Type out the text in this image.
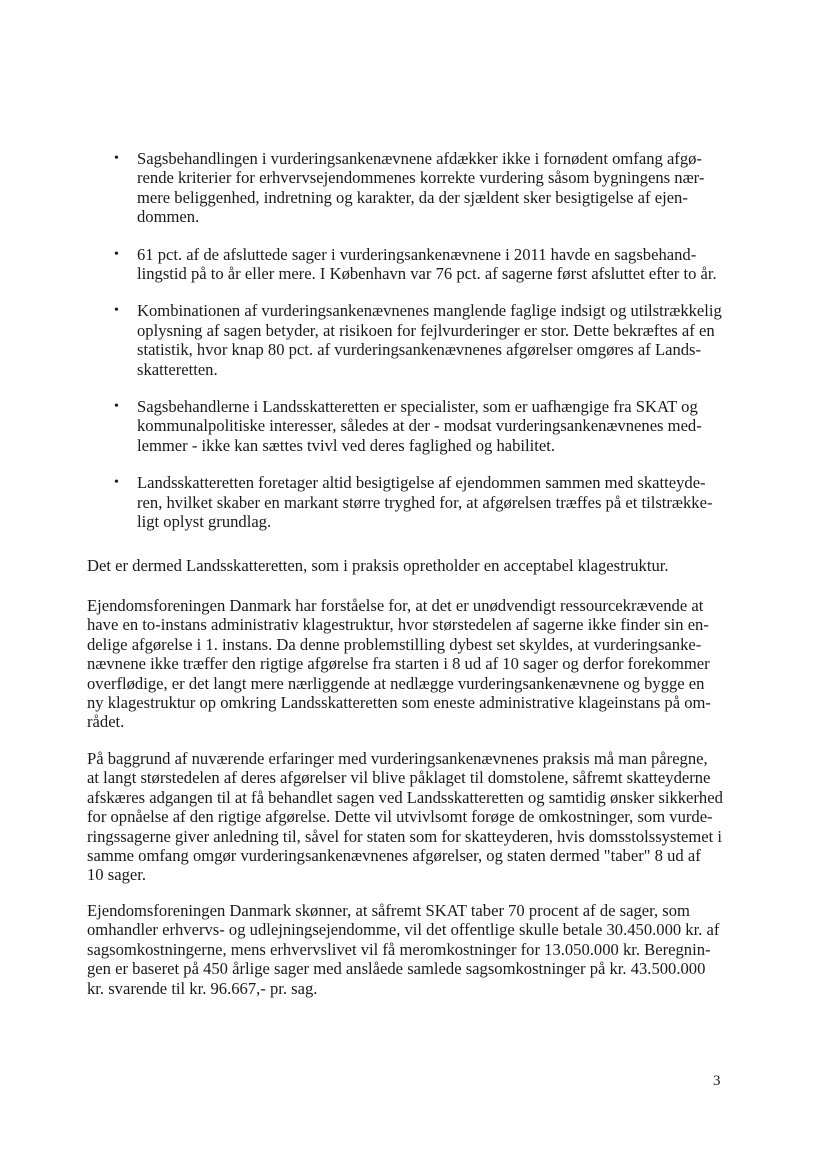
• Sagsbehandlingen i vurderingsankenævnene afdækker ikke i fornødent omfang afgø-
rende kriterier for erhvervsejendommenes korrekte vurdering såsom bygningens nær-
mere beliggenhed, indretning og karakter, da der sjældent sker besigtigelse af ejen-
dommen.
• 61 pct. af de afsluttede sager i vurderingsankenævnene i 2011 havde en sagsbehand-
lingstid på to år eller mere. I København var 76 pct. af sagerne først afsluttet efter to år.
• Kombinationen af vurderingsankenævnenes manglende faglige indsigt og utilstrækkelig
oplysning af sagen betyder, at risikoen for fejlvurderinger er stor. Dette bekræftes af en
statistik, hvor knap 80 pct. af vurderingsankenævnenes afgørelser omgøres af Lands-
skatteretten.
• Sagsbehandlerne i Landsskatteretten er specialister, som er uafhængige fra SKAT og
kommunalpolitiske interesser, således at der - modsat vurderingsankenævnenes med-
lemmer - ikke kan sættes tvivl ved deres faglighed og habilitet.
• Landsskatteretten foretager altid besigtigelse af ejendommen sammen med skatteyde-
ren, hvilket skaber en markant større tryghed for, at afgørelsen træffes på et tilstrække-
ligt oplyst grundlag.
Det er dermed Landsskatteretten, som i praksis opretholder en acceptabel klagestruktur.
Ejendomsforeningen Danmark har forståelse for, at det er unødvendigt ressourcekrævende at
have en to-instans administrativ klagestruktur, hvor størstedelen af sagerne ikke finder sin en-
delige afgørelse i 1. instans. Da denne problemstilling dybest set skyldes, at vurderingsanke-
nævnene ikke træffer den rigtige afgørelse fra starten i 8 ud af 10 sager og derfor forekommer
overflødige, er det langt mere nærliggende at nedlægge vurderingsankenævnene og bygge en
ny klagestruktur op omkring Landsskatteretten som eneste administrative klageinstans på om-
rådet.
På baggrund af nuværende erfaringer med vurderingsankenævnenes praksis må man påregne,
at langt størstedelen af deres afgørelser vil blive påklaget til domstolene, såfremt skatteyderne
afskæres adgangen til at få behandlet sagen ved Landsskatteretten og samtidig ønsker sikkerhed
for opnåelse af den rigtige afgørelse. Dette vil utvivlsomt forøge de omkostninger, som vurde-
ringssagerne giver anledning til, såvel for staten som for skatteyderen, hvis domsstolssystemet i
samme omfang omgør vurderingsankenævnenes afgørelser, og staten dermed "taber" 8 ud af
10 sager.
Ejendomsforeningen Danmark skønner, at såfremt SKAT taber 70 procent af de sager, som
omhandler erhvervs- og udlejningsejendomme, vil det offentlige skulle betale 30.450.000 kr. af
sagsomkostningerne, mens erhvervslivet vil få meromkostninger for 13.050.000 kr. Beregnin-
gen er baseret på 450 årlige sager med anslåede samlede sagsomkostninger på kr. 43.500.000
kr. svarende til kr. 96.667,- pr. sag.
3
